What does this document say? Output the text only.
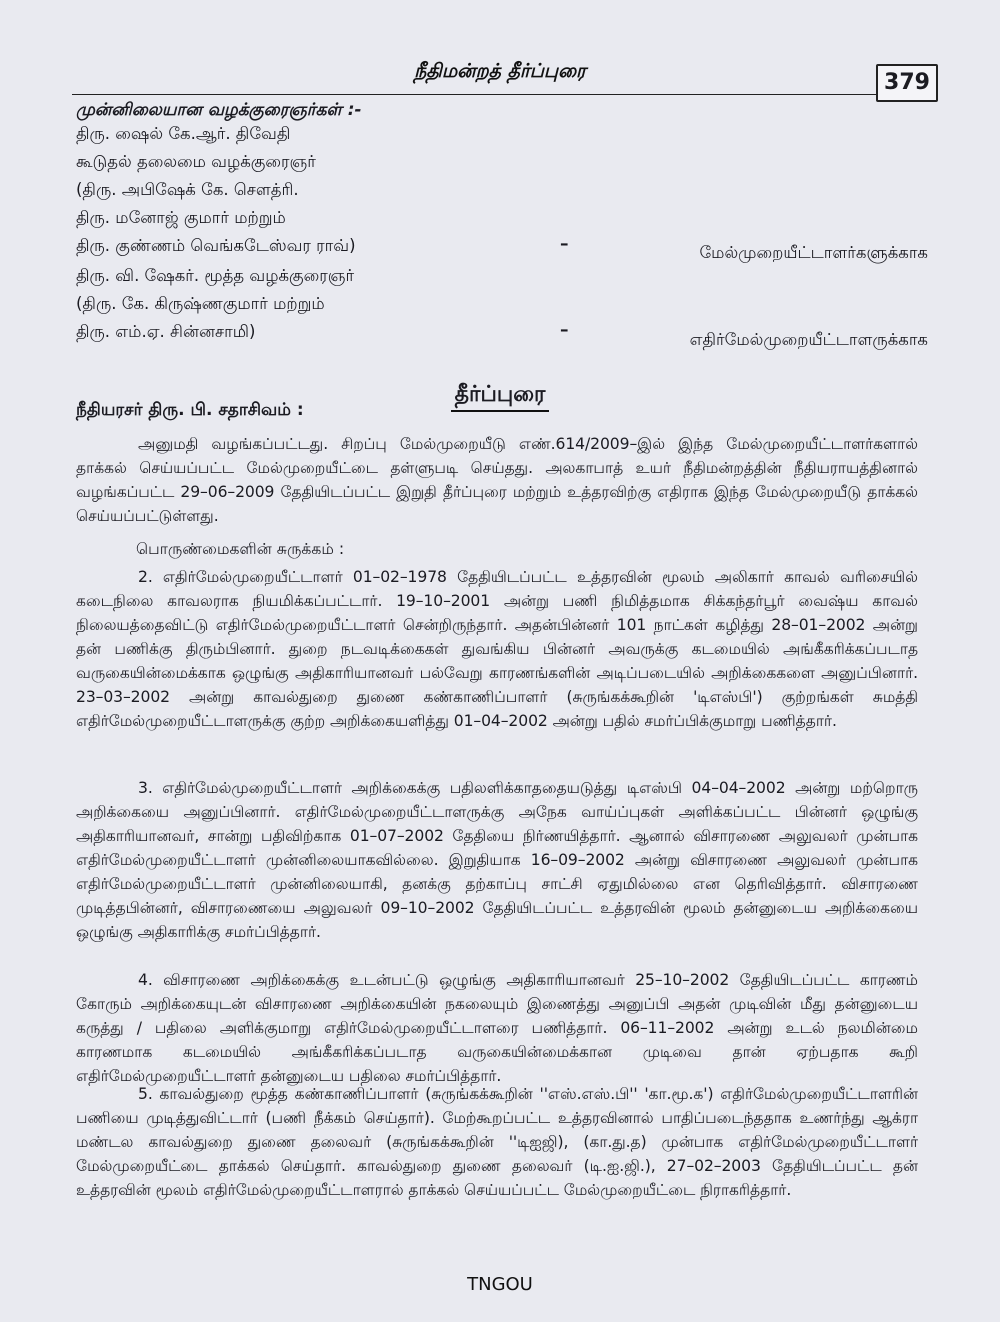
நீதிமன்றத் தீர்ப்புரை	379
முன்னிலையான வழக்குரைஞர்கள் :-
திரு. ஷைல் கே.ஆர். திவேதி
கூடுதல் தலைமை வழக்குரைஞர்
(திரு. அபிஷேக் கே. சௌத்ரி.
திரு. மனோஜ் குமார் மற்றும்
திரு. குண்ணம் வெங்கடேஸ்வர ராவ்)	–	மேல்முறையீட்டாளர்களுக்காக
திரு. வி. ஷேகர். மூத்த வழக்குரைஞர்
(திரு. கே. கிருஷ்ணகுமார் மற்றும்
திரு. எம்.ஏ. சின்னசாமி)	–	எதிர்மேல்முறையீட்டாளருக்காக
தீர்ப்புரை
நீதியரசர் திரு. பி. சதாசிவம் :

அனுமதி வழங்கப்பட்டது. சிறப்பு மேல்முறையீடு எண்.614/2009–இல் இந்த மேல்முறையீட்டாளர்களால் தாக்கல் செய்யப்பட்ட மேல்முறையீட்டை தள்ளுபடி செய்தது. அலகாபாத் உயர் நீதிமன்றத்தின் நீதியராயத்தினால் வழங்கப்பட்ட 29–06–2009 தேதியிடப்பட்ட இறுதி தீர்ப்புரை மற்றும் உத்தரவிற்கு எதிராக இந்த மேல்முறையீடு தாக்கல் செய்யப்பட்டுள்ளது.

பொருண்மைகளின் சுருக்கம் :

2. எதிர்மேல்முறையீட்டாளர் 01–02–1978 தேதியிடப்பட்ட உத்தரவின் மூலம் அலிகார் காவல் வரிசையில் கடைநிலை காவலராக நியமிக்கப்பட்டார். 19–10–2001 அன்று பணி நிமித்தமாக சிக்கந்தர்பூர் வைஷ்ய காவல் நிலையத்தைவிட்டு எதிர்மேல்முறையீட்டாளர் சென்றிருந்தார். அதன்பின்னர் 101 நாட்கள் கழித்து 28–01–2002 அன்று தன் பணிக்கு திரும்பினார். துறை நடவடிக்கைகள் துவங்கிய பின்னர் அவருக்கு கடமையில் அங்கீகரிக்கப்படாத வருகையின்மைக்காக ஒழுங்கு அதிகாரியானவர் பல்வேறு காரணங்களின் அடிப்படையில் அறிக்கைகளை அனுப்பினார். 23–03–2002 அன்று காவல்துறை துணை கண்காணிப்பாளர் (சுருங்கக்கூறின் 'டிஎஸ்பி') குற்றங்கள் சுமத்தி எதிர்மேல்முறையீட்டாளருக்கு குற்ற அறிக்கையளித்து 01–04–2002 அன்று பதில் சமர்ப்பிக்குமாறு பணித்தார்.

3. எதிர்மேல்முறையீட்டாளர் அறிக்கைக்கு பதிலளிக்காததையடுத்து டிஎஸ்பி 04–04–2002 அன்று மற்றொரு அறிக்கையை அனுப்பினார். எதிர்மேல்முறையீட்டாளருக்கு அநேக வாய்ப்புகள் அளிக்கப்பட்ட பின்னர் ஒழுங்கு அதிகாரியானவர், சான்று பதிவிற்காக 01–07–2002 தேதியை நிர்ணயித்தார். ஆனால் விசாரணை அலுவலர் முன்பாக எதிர்மேல்முறையீட்டாளர் முன்னிலையாகவில்லை. இறுதியாக 16–09–2002 அன்று விசாரணை அலுவலர் முன்பாக எதிர்மேல்முறையீட்டாளர் முன்னிலையாகி, தனக்கு தற்காப்பு சாட்சி ஏதுமில்லை என தெரிவித்தார். விசாரணை முடித்தபின்னர், விசாரணையை அலுவலர் 09–10–2002 தேதியிடப்பட்ட உத்தரவின் மூலம் தன்னுடைய அறிக்கையை ஒழுங்கு அதிகாரிக்கு சமர்ப்பித்தார்.

4. விசாரணை அறிக்கைக்கு உடன்பட்டு ஒழுங்கு அதிகாரியானவர் 25–10–2002 தேதியிடப்பட்ட காரணம் கோரும் அறிக்கையுடன் விசாரணை அறிக்கையின் நகலையும் இணைத்து அனுப்பி அதன் முடிவின் மீது தன்னுடைய கருத்து / பதிலை அளிக்குமாறு எதிர்மேல்முறையீட்டாளரை பணித்தார். 06–11–2002 அன்று உடல் நலமின்மை காரணமாக கடமையில் அங்கீகரிக்கப்படாத வருகையின்மைக்கான முடிவை தான் ஏற்பதாக கூறி எதிர்மேல்முறையீட்டாளர் தன்னுடைய பதிலை சமர்ப்பித்தார்.

5. காவல்துறை மூத்த கண்காணிப்பாளர் (சுருங்கக்கூறின் ''எஸ்.எஸ்.பி'' 'கா.மூ.க') எதிர்மேல்முறையீட்டாளரின் பணியை முடித்துவிட்டார் (பணி நீக்கம் செய்தார்). மேற்கூறப்பட்ட உத்தரவினால் பாதிப்படைந்ததாக உணர்ந்து ஆக்ரா மண்டல காவல்துறை துணை தலைவர் (சுருங்கக்கூறின் ''டிஐஜி), (கா.து.த) முன்பாக எதிர்மேல்முறையீட்டாளர் மேல்முறையீட்டை தாக்கல் செய்தார். காவல்துறை துணை தலைவர் (டி.ஐ.ஜி.), 27–02–2003 தேதியிடப்பட்ட தன் உத்தரவின் மூலம் எதிர்மேல்முறையீட்டாளரால் தாக்கல் செய்யப்பட்ட மேல்முறையீட்டை நிராகரித்தார்.

TNGOU
